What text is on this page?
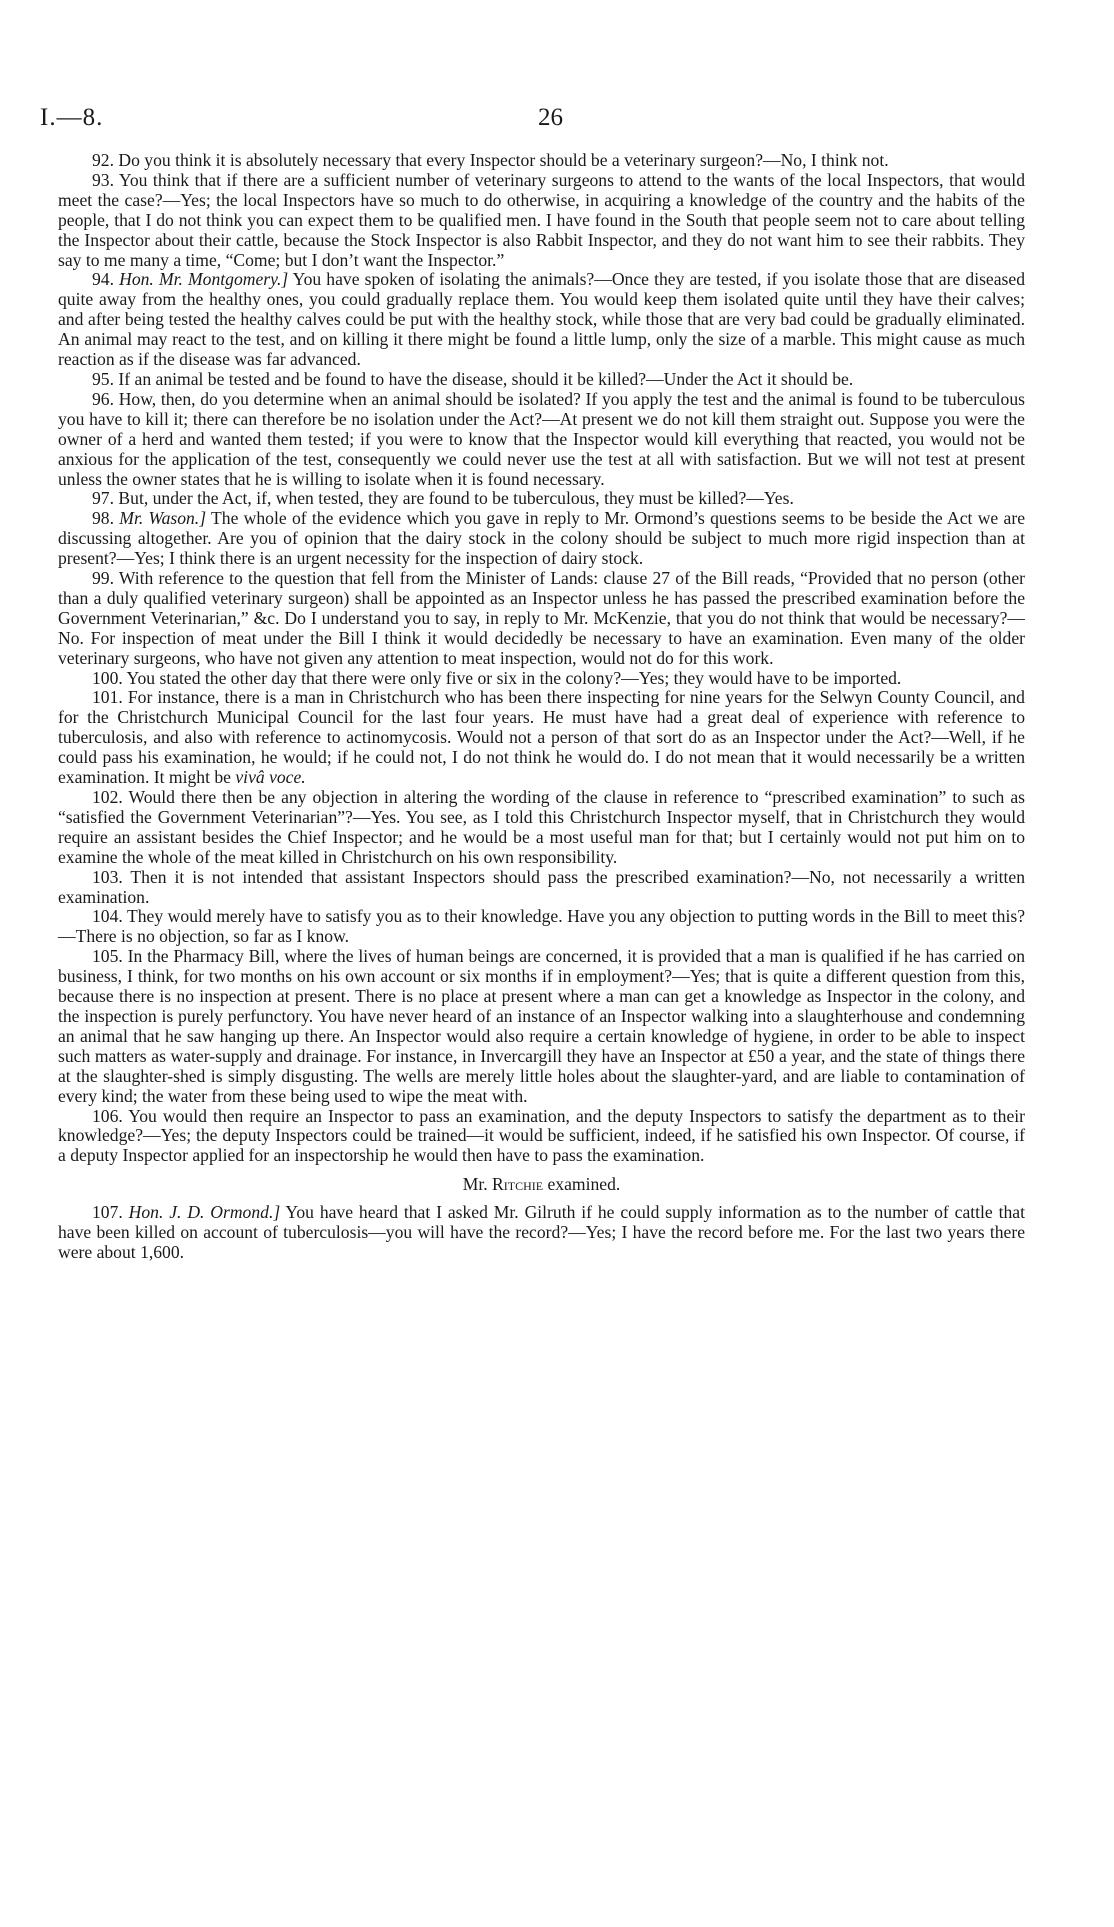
I.—8.	26

92. Do you think it is absolutely necessary that every Inspector should be a veterinary surgeon?—No, I think not.

93. You think that if there are a sufficient number of veterinary surgeons to attend to the wants of the local Inspectors, that would meet the case?—Yes; the local Inspectors have so much to do otherwise, in acquiring a knowledge of the country and the habits of the people, that I do not think you can expect them to be qualified men. I have found in the South that people seem not to care about telling the Inspector about their cattle, because the Stock Inspector is also Rabbit Inspector, and they do not want him to see their rabbits. They say to me many a time, “Come; but I don’t want the Inspector.”

94. Hon. Mr. Montgomery.] You have spoken of isolating the animals?—Once they are tested, if you isolate those that are diseased quite away from the healthy ones, you could gradually replace them. You would keep them isolated quite until they have their calves; and after being tested the healthy calves could be put with the healthy stock, while those that are very bad could be gradually eliminated. An animal may react to the test, and on killing it there might be found a little lump, only the size of a marble. This might cause as much reaction as if the disease was far advanced.

95. If an animal be tested and be found to have the disease, should it be killed?—Under the Act it should be.

96. How, then, do you determine when an animal should be isolated? If you apply the test and the animal is found to be tuberculous you have to kill it; there can therefore be no isolation under the Act?—At present we do not kill them straight out. Suppose you were the owner of a herd and wanted them tested; if you were to know that the Inspector would kill everything that reacted, you would not be anxious for the application of the test, consequently we could never use the test at all with satisfaction. But we will not test at present unless the owner states that he is willing to isolate when it is found necessary.

97. But, under the Act, if, when tested, they are found to be tuberculous, they must be killed?—Yes.

98. Mr. Wason.] The whole of the evidence which you gave in reply to Mr. Ormond’s questions seems to be beside the Act we are discussing altogether. Are you of opinion that the dairy stock in the colony should be subject to much more rigid inspection than at present?—Yes; I think there is an urgent necessity for the inspection of dairy stock.

99. With reference to the question that fell from the Minister of Lands: clause 27 of the Bill reads, “Provided that no person (other than a duly qualified veterinary surgeon) shall be appointed as an Inspector unless he has passed the prescribed examination before the Government Veterinarian,” &c. Do I understand you to say, in reply to Mr. McKenzie, that you do not think that would be necessary?—No. For inspection of meat under the Bill I think it would decidedly be necessary to have an examination. Even many of the older veterinary surgeons, who have not given any attention to meat inspection, would not do for this work.

100. You stated the other day that there were only five or six in the colony?—Yes; they would have to be imported.

101. For instance, there is a man in Christchurch who has been there inspecting for nine years for the Selwyn County Council, and for the Christchurch Municipal Council for the last four years. He must have had a great deal of experience with reference to tuberculosis, and also with reference to actinomycosis. Would not a person of that sort do as an Inspector under the Act?—Well, if he could pass his examination, he would; if he could not, I do not think he would do. I do not mean that it would necessarily be a written examination. It might be vivâ voce.

102. Would there then be any objection in altering the wording of the clause in reference to “prescribed examination” to such as “satisfied the Government Veterinarian”?—Yes. You see, as I told this Christchurch Inspector myself, that in Christchurch they would require an assistant besides the Chief Inspector; and he would be a most useful man for that; but I certainly would not put him on to examine the whole of the meat killed in Christchurch on his own responsibility.

103. Then it is not intended that assistant Inspectors should pass the prescribed examination?—No, not necessarily a written examination.

104. They would merely have to satisfy you as to their knowledge. Have you any objection to putting words in the Bill to meet this?—There is no objection, so far as I know.

105. In the Pharmacy Bill, where the lives of human beings are concerned, it is provided that a man is qualified if he has carried on business, I think, for two months on his own account or six months if in employment?—Yes; that is quite a different question from this, because there is no inspection at present. There is no place at present where a man can get a knowledge as Inspector in the colony, and the inspection is purely perfunctory. You have never heard of an instance of an Inspector walking into a slaughterhouse and condemning an animal that he saw hanging up there. An Inspector would also require a certain knowledge of hygiene, in order to be able to inspect such matters as water-supply and drainage. For instance, in Invercargill they have an Inspector at £50 a year, and the state of things there at the slaughter-shed is simply disgusting. The wells are merely little holes about the slaughter-yard, and are liable to contamination of every kind; the water from these being used to wipe the meat with.

106. You would then require an Inspector to pass an examination, and the deputy Inspectors to satisfy the department as to their knowledge?—Yes; the deputy Inspectors could be trained—it would be sufficient, indeed, if he satisfied his own Inspector. Of course, if a deputy Inspector applied for an inspectorship he would then have to pass the examination.

Mr. Ritchie examined.

107. Hon. J. D. Ormond.] You have heard that I asked Mr. Gilruth if he could supply information as to the number of cattle that have been killed on account of tuberculosis—you will have the record?—Yes; I have the record before me. For the last two years there were about 1,600.
